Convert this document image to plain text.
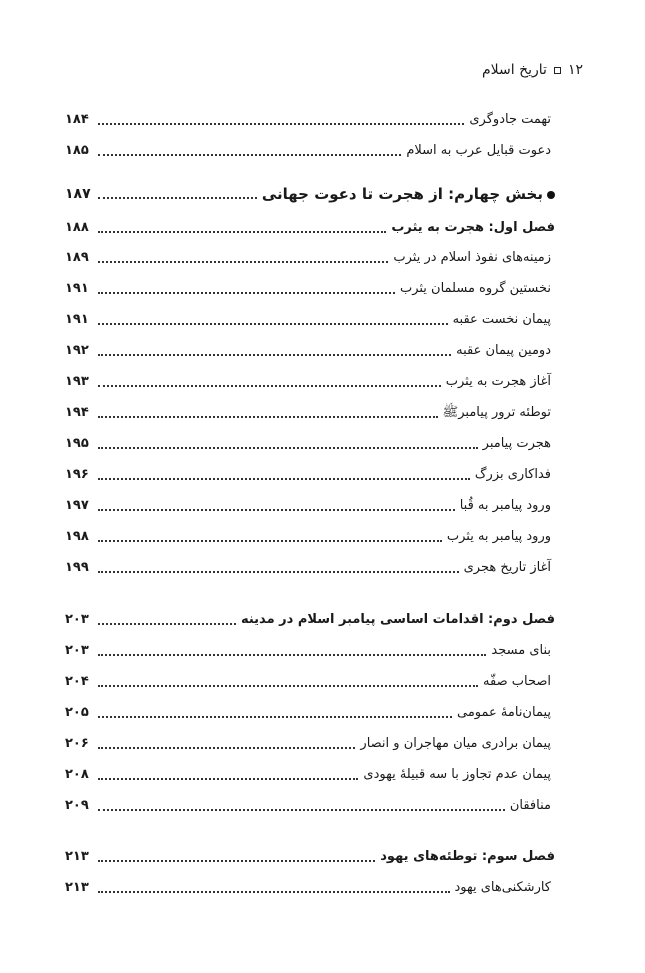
۱۲
تاریخ اسلام
تهمت جادوگری
۱۸۴
دعوت قبایل عرب به اسلام
۱۸۵
بخش چهارم: از هجرت تا دعوت جهانی
۱۸۷
فصل اول: هجرت به یثرب
۱۸۸
زمینه‌های نفوذ اسلام در یثرب
۱۸۹
نخستین گروه مسلمان یثرب
۱۹۱
پیمان نخست عقبه
۱۹۱
دومین پیمان عقبه
۱۹۲
آغاز هجرت به یثرب
۱۹۳
توطئه ترور پیامبرﷺ
۱۹۴
هجرت پیامبر
۱۹۵
فداکاری بزرگ
۱۹۶
ورود پیامبر به قُبا
۱۹۷
ورود پیامبر به یثرب
۱۹۸
آغاز تاریخ هجری
۱۹۹
فصل دوم: اقدامات اساسی پیامبر اسلام در مدینه
۲۰۳
بنای مسجد
۲۰۳
اصحاب صفّه
۲۰۴
پیمان‌نامهٔ عمومی
۲۰۵
پیمان برادری میان مهاجران و انصار
۲۰۶
پیمان عدم تجاوز با سه قبیلهٔ یهودی
۲۰۸
منافقان
۲۰۹
فصل سوم: توطئه‌های یهود
۲۱۳
کارشکنی‌های یهود
۲۱۳
